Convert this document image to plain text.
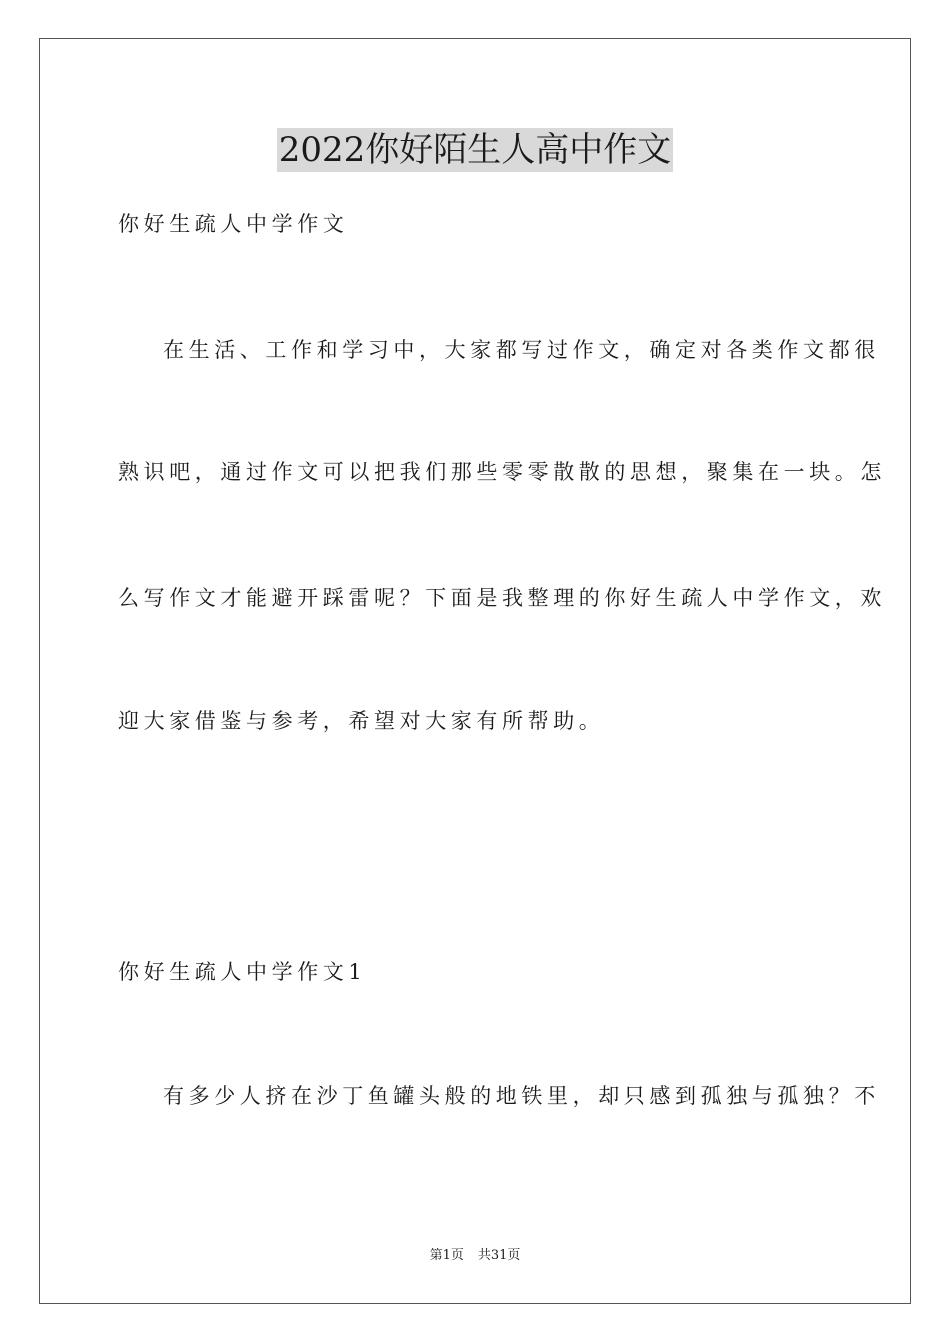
2022你好陌生人高中作文
你好生疏人中学作文
在生活、工作和学习中，大家都写过作文，确定对各类作文都很
熟识吧，通过作文可以把我们那些零零散散的思想，聚集在一块。怎
么写作文才能避开踩雷呢？下面是我整理的你好生疏人中学作文，欢
迎大家借鉴与参考，希望对大家有所帮助。
你好生疏人中学作文1
有多少人挤在沙丁鱼罐头般的地铁里，却只感到孤独与孤独？不
第1页 共31页
